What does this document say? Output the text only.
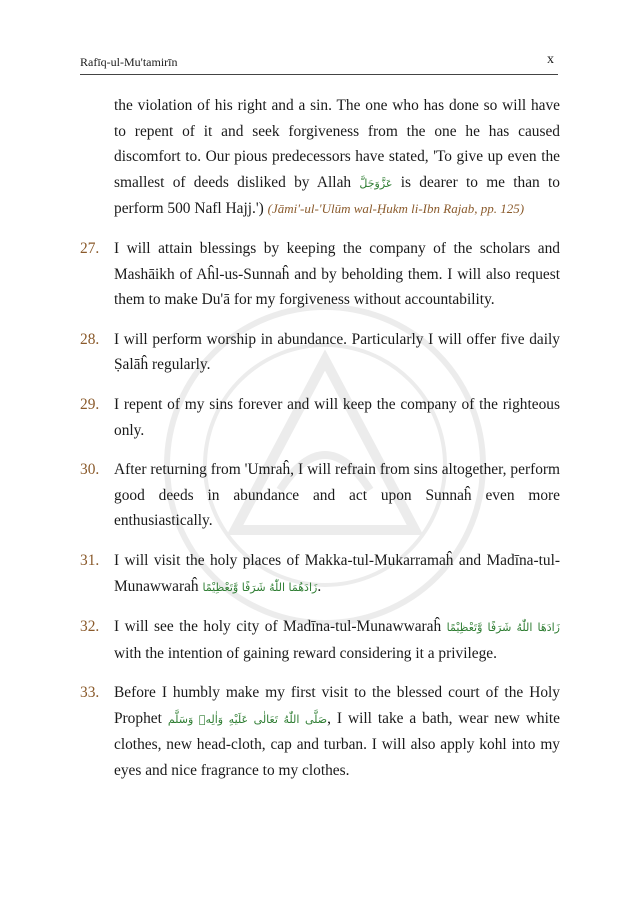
Rafīq-ul-Mu'tamirīn	x

the violation of his right and a sin. The one who has done so will have to repent of it and seek forgiveness from the one he has caused discomfort to. Our pious predecessors have stated, 'To give up even the smallest of deeds disliked by Allah عَزَّوَجَلَّ is dearer to me than to perform 500 Nafl Hajj.') (Jāmi'-ul-'Ulūm wal-Ḥukm li-Ibn Rajab, pp. 125)

27. I will attain blessings by keeping the company of the scholars and Mashāikh of Aĥl-us-Sunnaĥ and by beholding them. I will also request them to make Du'ā for my forgiveness without accountability.
28. I will perform worship in abundance. Particularly I will offer five daily Ṣalāĥ regularly.
29. I repent of my sins forever and will keep the company of the righteous only.
30. After returning from 'Umraĥ, I will refrain from sins altogether, perform good deeds in abundance and act upon Sunnaĥ even more enthusiastically.
31. I will visit the holy places of Makka-tul-Mukarramaĥ and Madīna-tul-Munawwaraĥ زَادَهُمَا اللّٰهُ شَرَفًا وَّتَعْظِيْمًا.
32. I will see the holy city of Madīna-tul-Munawwaraĥ زَادَهَا اللّٰهُ شَرَفًا وَّتَعْظِيْمًا with the intention of gaining reward considering it a privilege.
33. Before I humbly make my first visit to the blessed court of the Holy Prophet صَلَّى اللّٰهُ تَعَالٰى عَلَيْهِ وَاٰلِهٖ وَسَلَّم, I will take a bath, wear new white clothes, new head-cloth, cap and turban. I will also apply kohl into my eyes and nice fragrance to my clothes.
